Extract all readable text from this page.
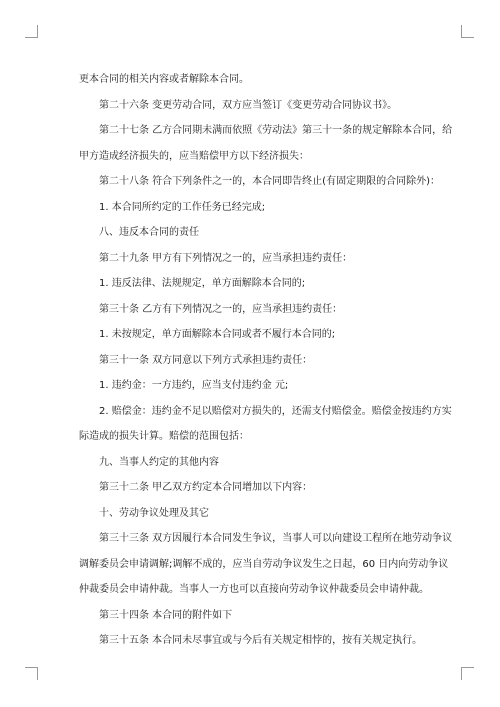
更本合同的相关内容或者解除本合同。

第二十六条 变更劳动合同，双方应当签订《变更劳动合同协议书》。

第二十七条 乙方合同期未满而依照《劳动法》第三十一条的规定解除本合同，给

甲方造成经济损失的，应当赔偿甲方以下经济损失：

第二十八条 符合下列条件之一的，本合同即告终止(有固定期限的合同除外)：

1. 本合同所约定的工作任务已经完成;

八、违反本合同的责任

第二十九条 甲方有下列情况之一的，应当承担违约责任：

1. 违反法律、法规规定，单方面解除本合同的;

第三十条 乙方有下列情况之一的，应当承担违约责任：

1. 未按规定，单方面解除本合同或者不履行本合同的;

第三十一条 双方同意以下列方式承担违约责任：

1. 违约金：一方违约，应当支付违约金 元;

2. 赔偿金：违约金不足以赔偿对方损失的，还需支付赔偿金。赔偿金按违约方实

际造成的损失计算。赔偿的范围包括：

九、当事人约定的其他内容

第三十二条 甲乙双方约定本合同增加以下内容：

十、劳动争议处理及其它

第三十三条 双方因履行本合同发生争议，当事人可以向建设工程所在地劳动争议

调解委员会申请调解;调解不成的，应当自劳动争议发生之日起，60 日内向劳动争议

仲裁委员会申请仲裁。当事人一方也可以直接向劳动争议仲裁委员会申请仲裁。

第三十四条 本合同的附件如下

第三十五条 本合同未尽事宜或与今后有关规定相悖的，按有关规定执行。
